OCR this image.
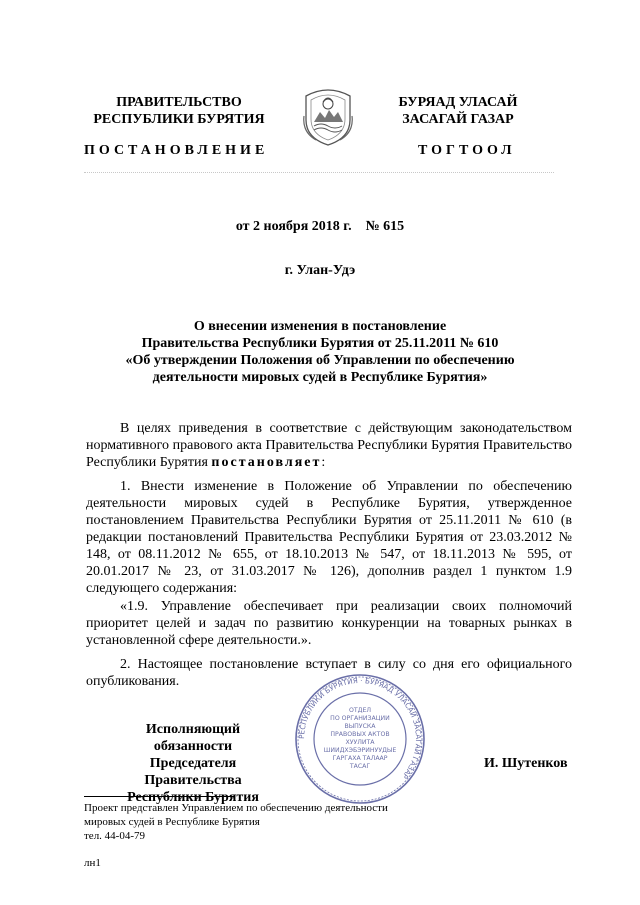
ПРАВИТЕЛЬСТВО
РЕСПУБЛИКИ БУРЯТИЯ
ПОСТАНОВЛЕНИЕ
БУРЯАД УЛАСАЙ
ЗАСАГАЙ ГАЗАР
ТОГТООЛ
от 2 ноября 2018 г.    № 615
г. Улан-Удэ
О внесении изменения в постановление
Правительства Республики Бурятия от 25.11.2011 № 610
«Об утверждении Положения об Управлении по обеспечению
деятельности мировых судей в Республике Бурятия»
В целях приведения в соответствие с действующим законодательством нормативного правового акта Правительства Республики Бурятия Правительство Республики Бурятия постановляет:
1. Внести изменение в Положение об Управлении по обеспечению деятельности мировых судей в Республике Бурятия, утвержденное постановлением Правительства Республики Бурятия от 25.11.2011 № 610 (в редакции постановлений Правительства Республики Бурятия от 23.03.2012 № 148, от 08.11.2012 № 655, от 18.10.2013 № 547, от 18.11.2013 № 595, от 20.01.2017 № 23, от 31.03.2017 № 126), дополнив раздел 1 пунктом 1.9 следующего содержания:
«1.9. Управление обеспечивает при реализации своих полномочий приоритет целей и задач по развитию конкуренции на товарных рынках в установленной сфере деятельности.».
2. Настоящее постановление вступает в силу со дня его официального опубликования.
Исполняющий обязанности
Председателя Правительства
Республики Бурятия
И. Шутенков
РЕСПУБЛИКИ БУРЯТИЯ · БУРЯАД УЛАСАЙ ЗАСАГАЙ ГАЗАР
ОТДЕЛ
ПО ОРГАНИЗАЦИИ
ВЫПУСКА
ПРАВОВЫХ АКТОВ
ХУУЛИТА
ШИИДХЭБЭРИНУУДЫЕ
ГАРГАХА ТАЛААР
ТАСАГ
Проект представлен Управлением по обеспечению деятельности
мировых судей в Республике Бурятия
тел. 44-04-79
лн1
